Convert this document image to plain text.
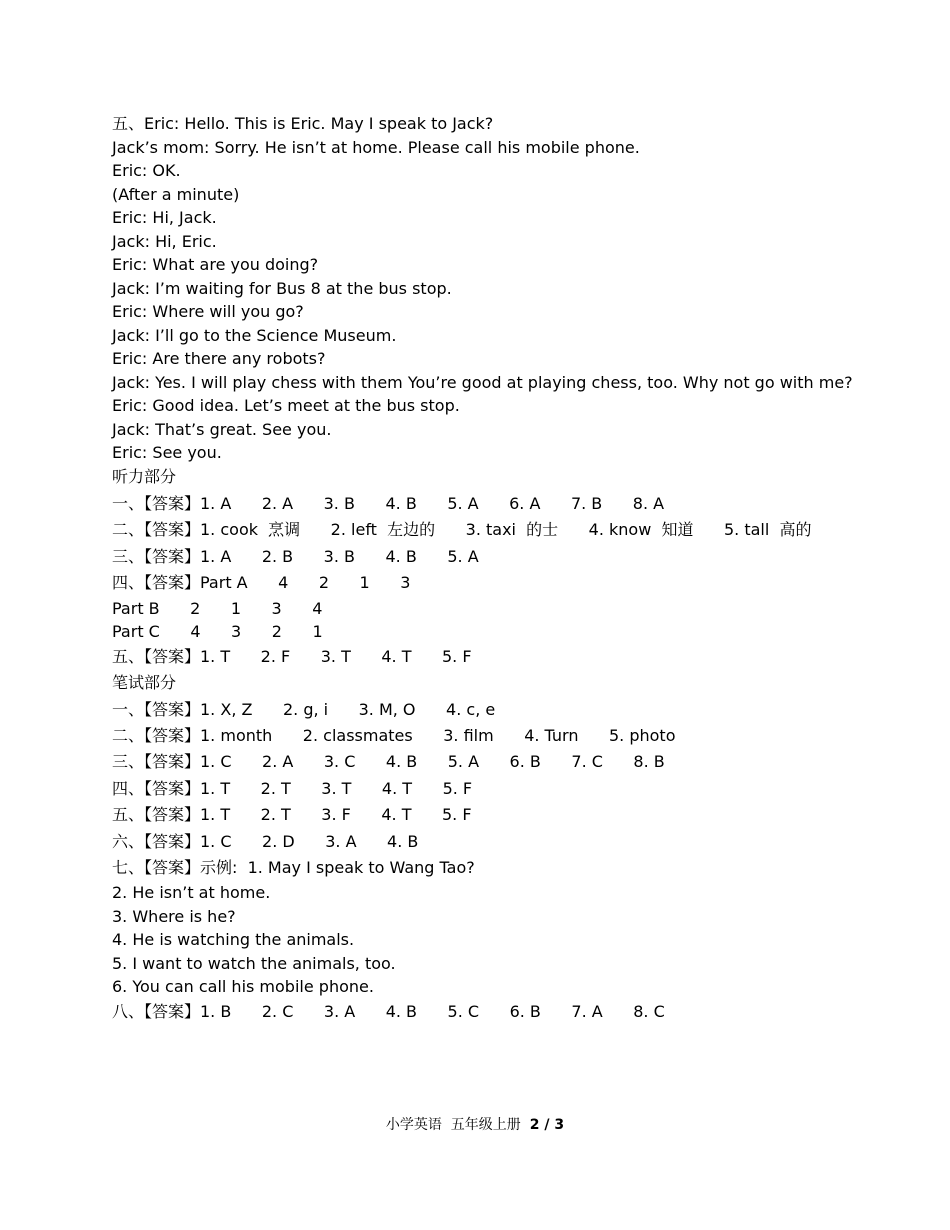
五、Eric: Hello. This is Eric. May I speak to Jack?
Jack’s mom: Sorry. He isn’t at home. Please call his mobile phone.
Eric: OK.
(After a minute)
Eric: Hi, Jack.
Jack: Hi, Eric.
Eric: What are you doing?
Jack: I’m waiting for Bus 8 at the bus stop.
Eric: Where will you go?
Jack: I’ll go to the Science Museum.
Eric: Are there any robots?
Jack: Yes. I will play chess with them You’re good at playing chess, too. Why not go with me?
Eric: Good idea. Let’s meet at the bus stop.
Jack: That’s great. See you.
Eric: See you.
听力部分
一、【答案】1. A      2. A      3. B      4. B      5. A      6. A      7. B      8. A
二、【答案】1. cook  烹调      2. left  左边的      3. taxi  的士      4. know  知道      5. tall  高的
三、【答案】1. A      2. B      3. B      4. B      5. A
四、【答案】Part A      4      2      1      3
Part B      2      1      3      4
Part C      4      3      2      1
五、【答案】1. T      2. F      3. T      4. T      5. F
笔试部分
一、【答案】1. X, Z      2. g, i      3. M, O      4. c, e
二、【答案】1. month      2. classmates      3. film      4. Turn      5. photo
三、【答案】1. C      2. A      3. C      4. B      5. A      6. B      7. C      8. B
四、【答案】1. T      2. T      3. T      4. T      5. F
五、【答案】1. T      2. T      3. F      4. T      5. F
六、【答案】1. C      2. D      3. A      4. B
七、【答案】示例:  1. May I speak to Wang Tao?
2. He isn’t at home.
3. Where is he?
4. He is watching the animals.
5. I want to watch the animals, too.
6. You can call his mobile phone.
八、【答案】1. B      2. C      3. A      4. B      5. C      6. B      7. A      8. C
小学英语  五年级上册  2 / 3
